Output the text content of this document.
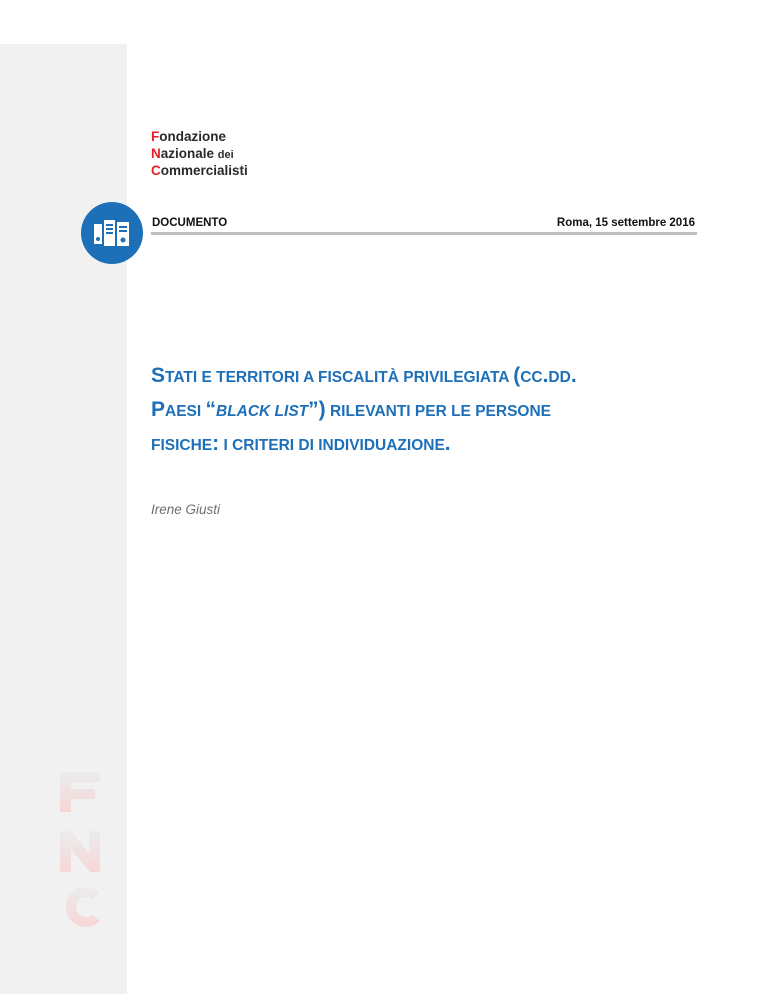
Fondazione
Nazionale dei
Commercialisti
DOCUMENTO	Roma, 15 settembre 2016
STATI E TERRITORI A FISCALITÀ PRIVILEGIATA (CC.DD.
PAESI “BLACK LIST”) RILEVANTI PER LE PERSONE
FISICHE: I CRITERI DI INDIVIDUAZIONE.
Irene Giusti
